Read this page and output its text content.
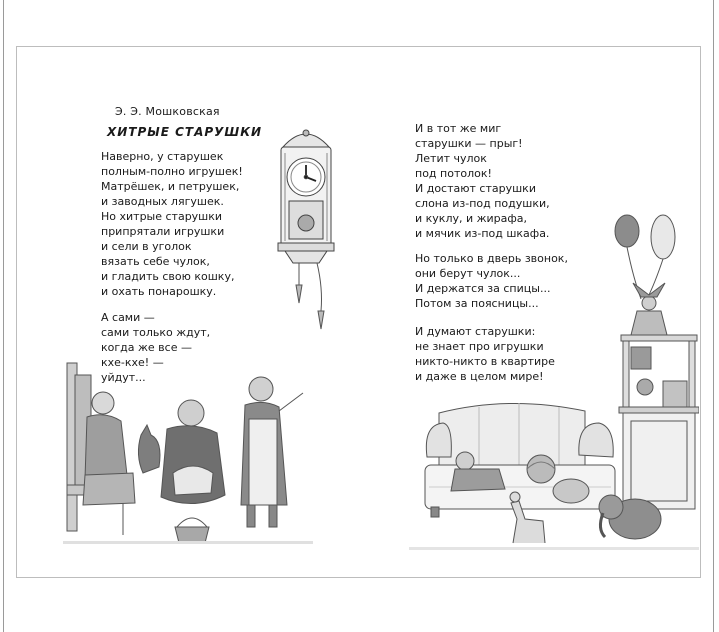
Э. Э. Мошковская
ХИТРЫЕ СТАРУШКИ

Наверно, у старушек
полным-полно игрушек!
Матрёшек, и петрушек,
и заводных лягушек.
Но хитрые старушки
припрятали игрушки
и сели в уголок
вязать себе чулок,
и гладить свою кошку,
и охать понарошку.

А сами —
сами только ждут,
когда же все —
кхе-кхе! —
уйдут...

И в тот же миг
старушки — прыг!
Летит чулок
под потолок!
И достают старушки
слона из-под подушки,
и куклу, и жирафа,
и мячик из-под шкафа.

Но только в дверь звонок,
они берут чулок...
И держатся за спицы...
Потом за поясницы...

И думают старушки:
не знает про игрушки
никто-никто в квартире
и даже в целом мире!
